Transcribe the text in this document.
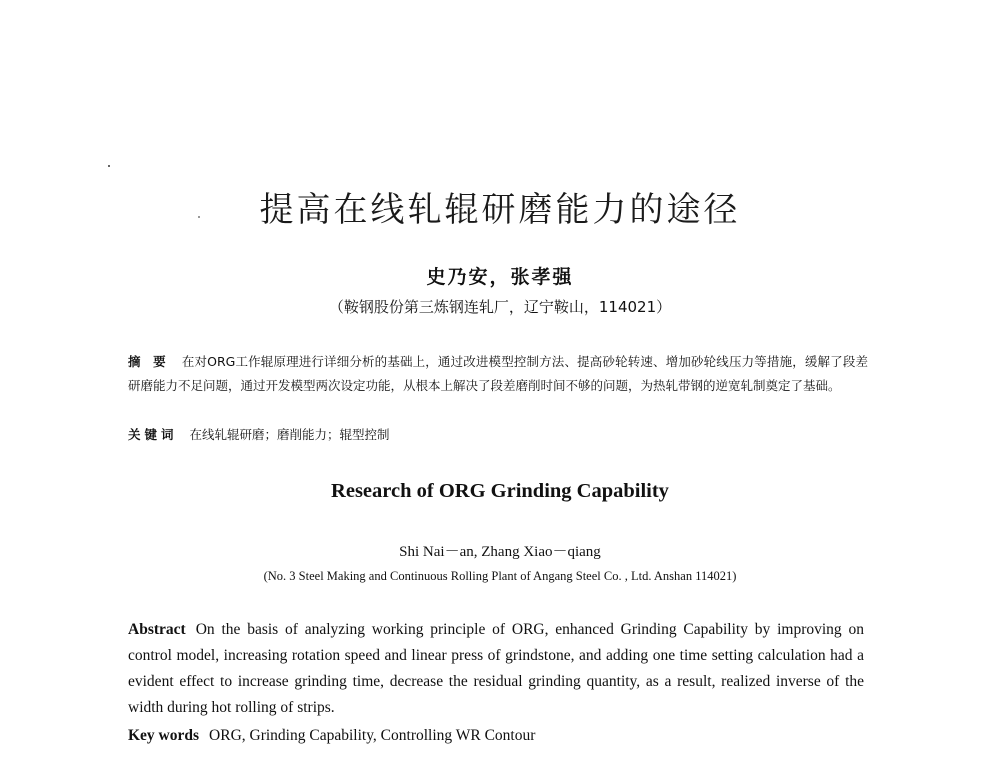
提高在线轧辊研磨能力的途径
史乃安，张孝强
（鞍钢股份第三炼钢连轧厂，辽宁鞍山，114021）
摘 要 在对ORG工作辊原理进行详细分析的基础上，通过改进模型控制方法、提高砂轮转速、增加砂轮线压力等措施，缓解了段差研磨能力不足问题，通过开发模型两次设定功能，从根本上解决了段差磨削时间不够的问题，为热轧带钢的逆宽轧制奠定了基础。
关键词 在线轧辊研磨；磨削能力；辊型控制
Research of ORG Grinding Capability
Shi Nai－an, Zhang Xiao－qiang
(No. 3 Steel Making and Continuous Rolling Plant of Angang Steel Co. , Ltd. Anshan 114021)
Abstract On the basis of analyzing working principle of ORG, enhanced Grinding Capability by improving on control model, increasing rotation speed and linear press of grindstone, and adding one time setting calculation had a evident effect to increase grinding time, decrease the residual grinding quantity, as a result, realized inverse of the width during hot rolling of strips.
Key words ORG, Grinding Capability, Controlling WR Contour
